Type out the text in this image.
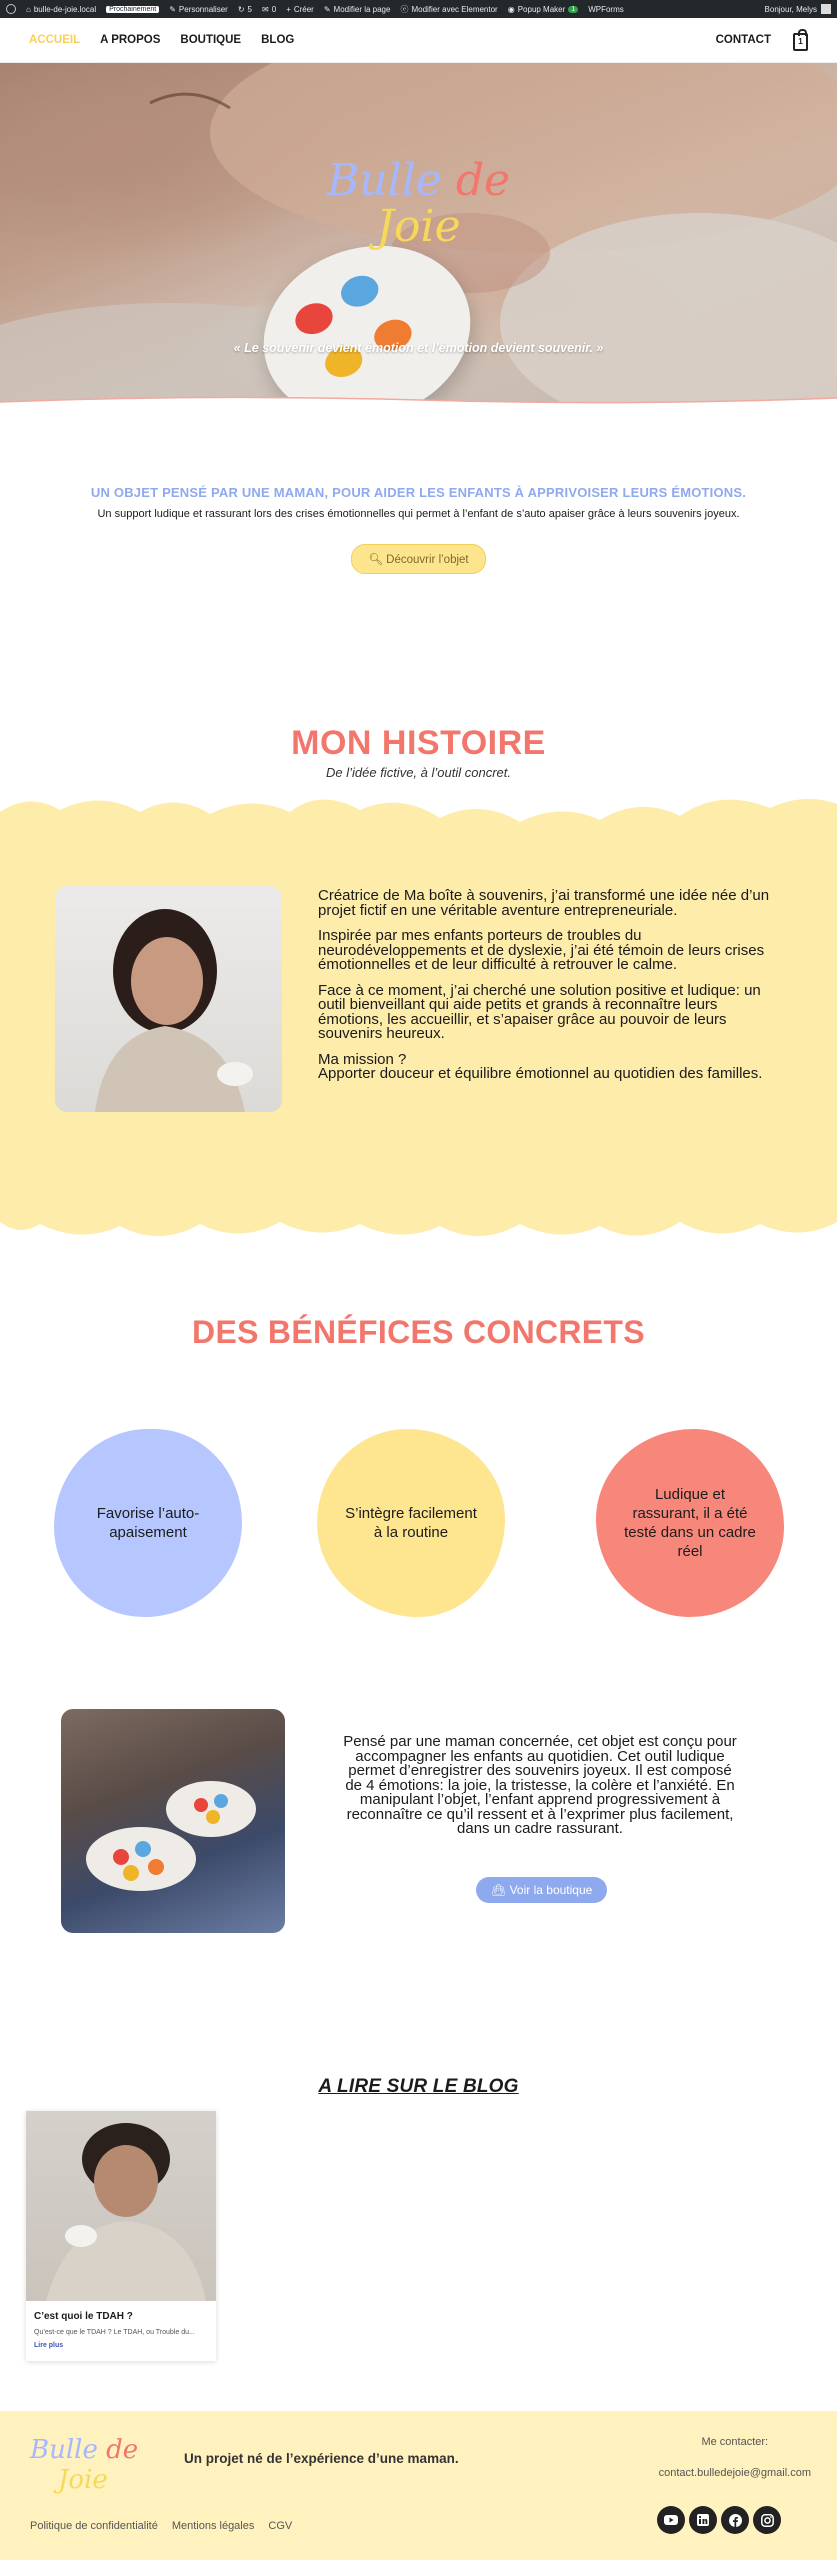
⌂ bulle-de-joie.local	Prochainement	✎ Personnaliser ↻ 5 ✉ 0 + Créer ✎ Modifier la page ⓔ Modifier avec Elementor ◉ Popup Maker 1	WPForms	Bonjour, Melys
ACCUEIL A PROPOS BOUTIQUE BLOG	CONTACT	1
Bulle de
Joie
« Le souvenir devient émotion et l’émotion devient souvenir. »
UN OBJET PENSÉ PAR UNE MAMAN, POUR AIDER LES ENFANTS À APPRIVOISER LEURS ÉMOTIONS.

Un support ludique et rassurant lors des crises émotionnelles qui permet à l’enfant de s’auto apaiser grâce à leurs souvenirs joyeux.

🔍︎ Découvrir l’objet
MON HISTOIRE

De l’idée fictive, à l’outil concret.

Créatrice de Ma boîte à souvenirs, j’ai transformé une idée née d’un projet fictif en une véritable aventure entrepreneuriale.

Inspirée par mes enfants porteurs de troubles du neurodéveloppements et de dyslexie, j’ai été témoin de leurs crises émotionnelles et de leur difficulté à retrouver le calme.

Face à ce moment, j’ai cherché une solution positive et ludique: un outil bienveillant qui aide petits et grands à reconnaître leurs émotions, les accueillir, et s’apaiser grâce au pouvoir de leurs souvenirs heureux.

Ma mission ?
Apporter douceur et équilibre émotionnel au quotidien des familles.

DES BÉNÉFICES CONCRETS
Favorise l’auto-apaisement
S’intègre facilement à la routine
Ludique et rassurant, il a été testé dans un cadre réel
Pensé par une maman concernée, cet objet est conçu pour accompagner les enfants au quotidien. Cet outil ludique permet d’enregistrer des souvenirs joyeux. Il est composé de 4 émotions: la joie, la tristesse, la colère et l’anxiété. En manipulant l’objet, l’enfant apprend progressivement à reconnaître ce qu’il ressent et à l’exprimer plus facilement, dans un cadre rassurant.
👜︎ Voir la boutique
A LIRE SUR LE BLOG
C’est quoi le TDAH ?

Qu’est-ce que le TDAH ? Le TDAH, ou Trouble du...

Lire plus
Bulle de
Joie
Un projet né de l’expérience d’une maman.
Me contacter:
contact.bulledejoie@gmail.com
Politique de confidentialité Mentions légales CGV
